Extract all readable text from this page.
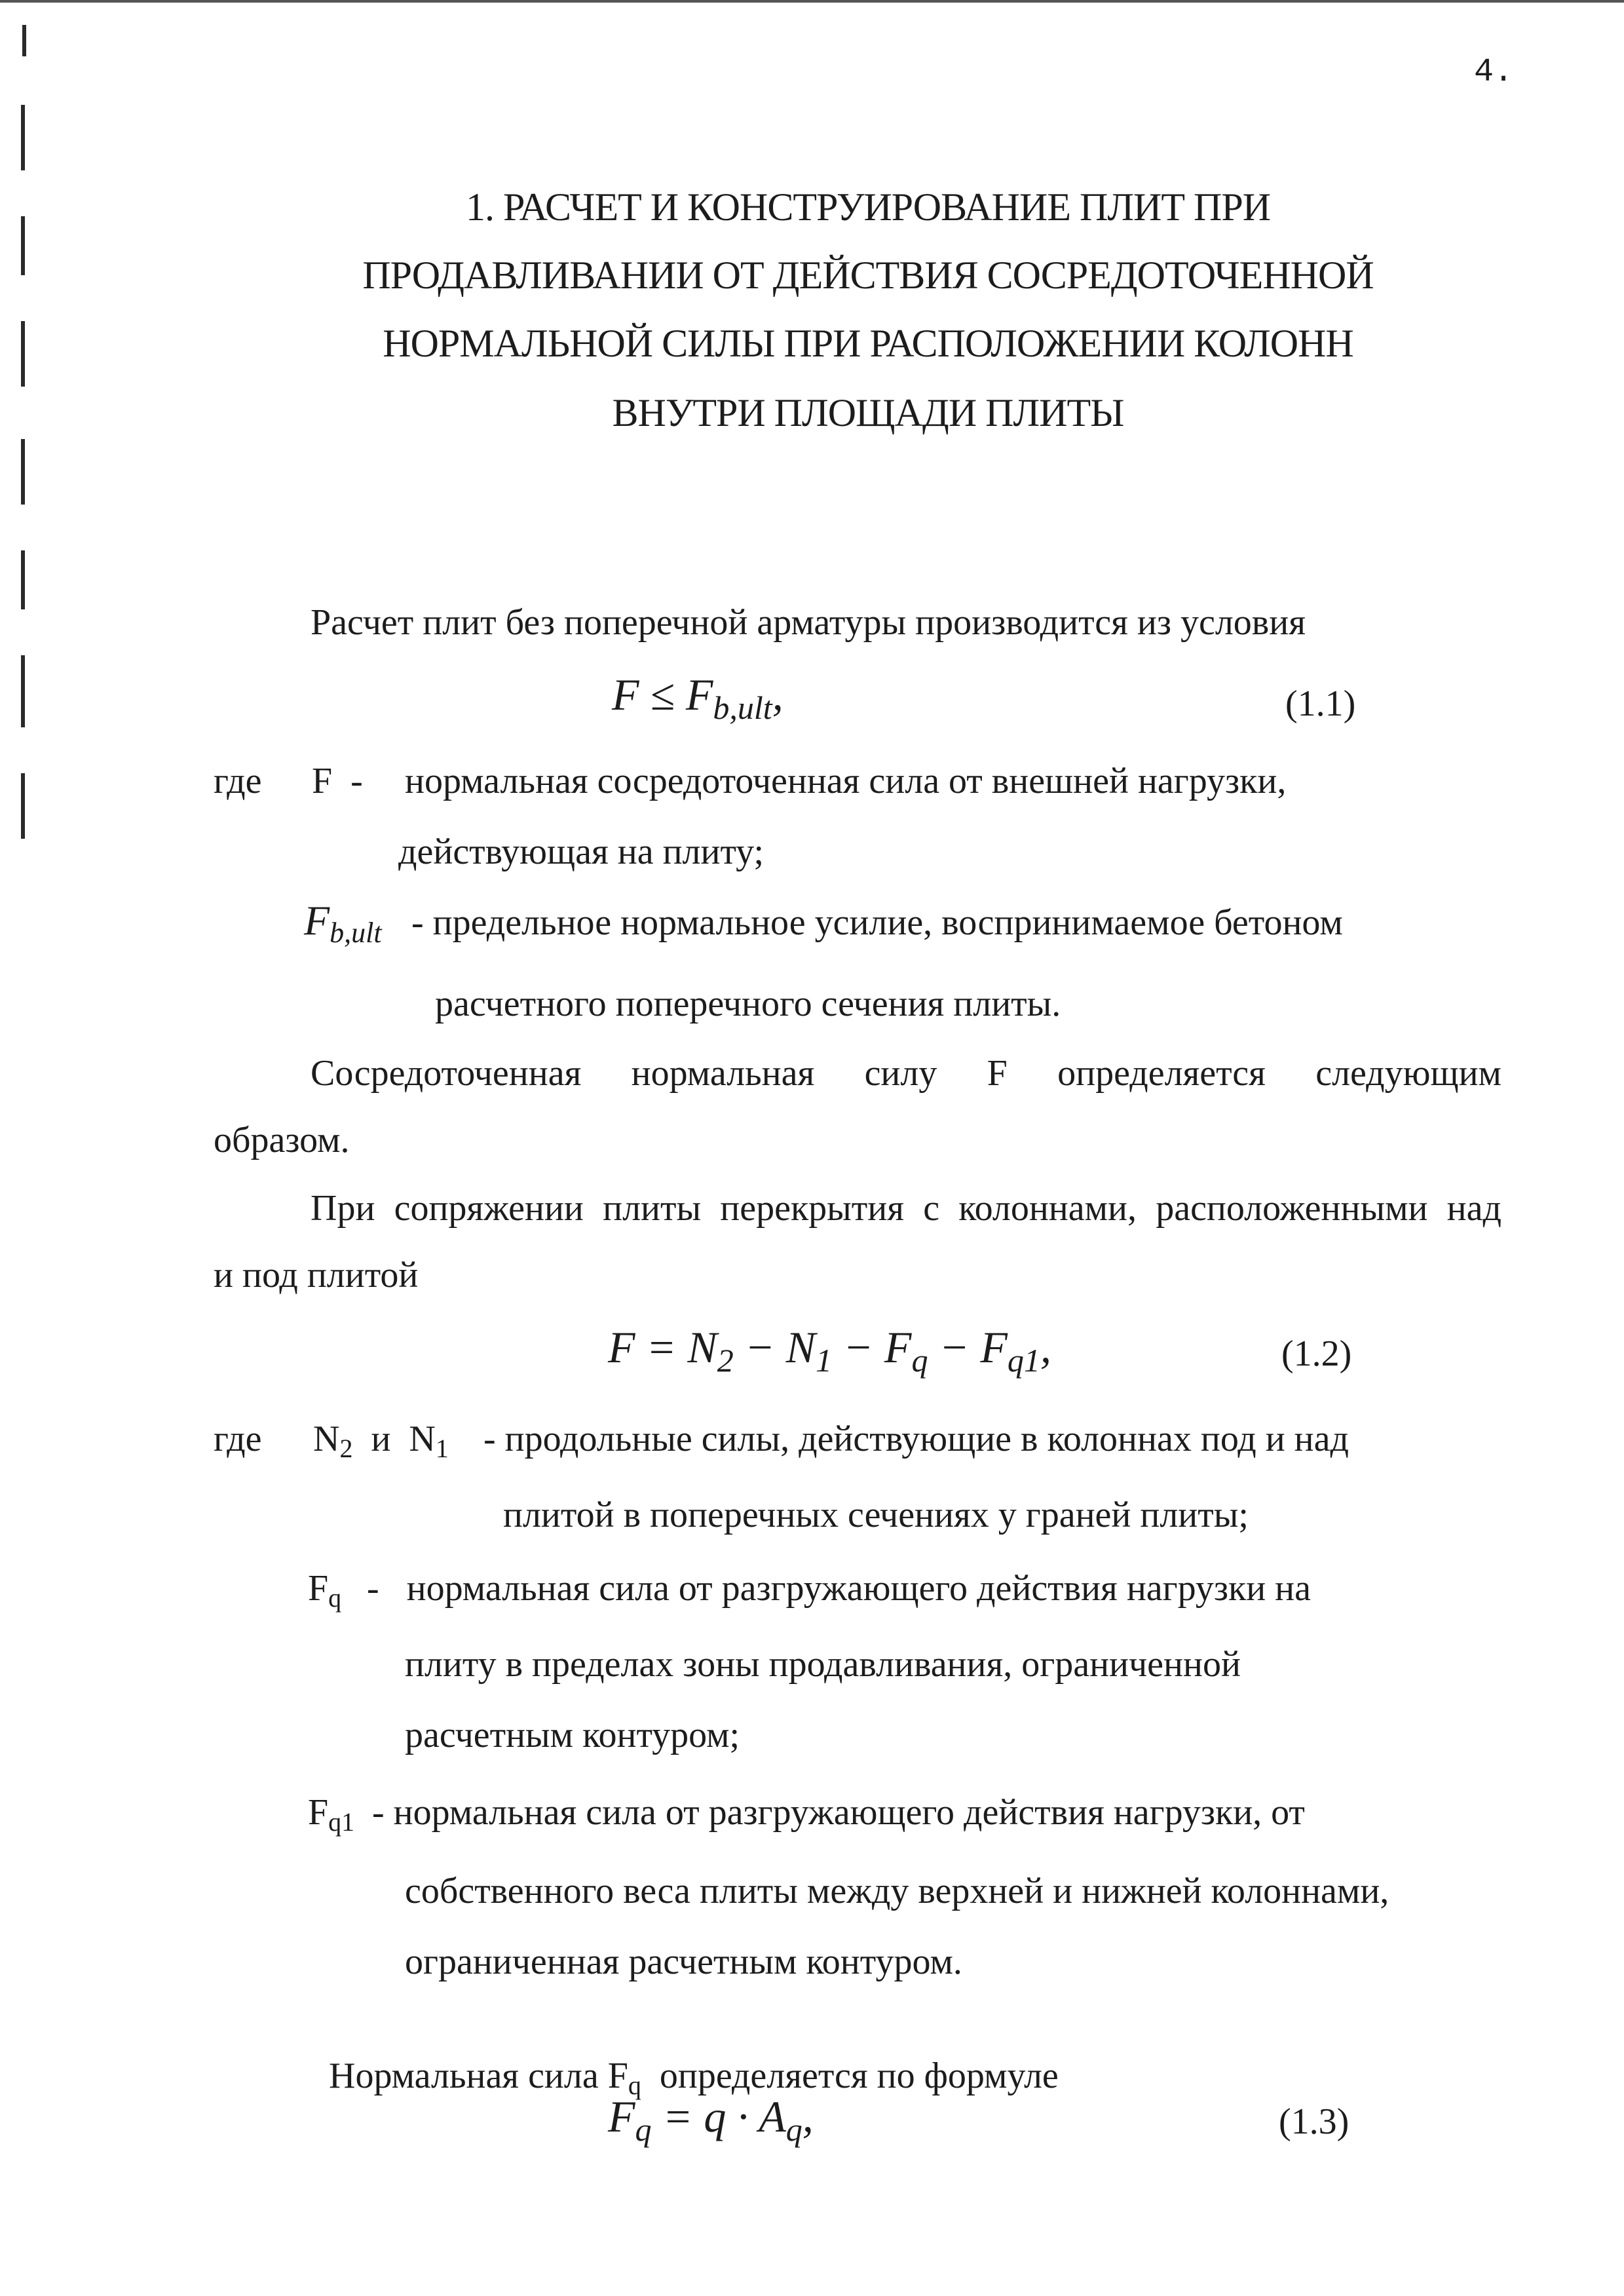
4.
1. РАСЧЕТ И КОНСТРУИРОВАНИЕ ПЛИТ ПРИ
ПРОДАВЛИВАНИИ ОТ ДЕЙСТВИЯ СОСРЕДОТОЧЕННОЙ
НОРМАЛЬНОЙ СИЛЫ ПРИ РАСПОЛОЖЕНИИ КОЛОНН
ВНУТРИ ПЛОЩАДИ ПЛИТЫ
Расчет плит без поперечной арматуры производится из условия
$F \le F_{b,ult}$,	(1.1)
где F  - нормальная сосредоточенная сила от внешней нагрузки,
действующая на плиту;
$F_{b,ult}$ - предельное нормальное усилие, воспринимаемое бетоном
расчетного поперечного сечения плиты.
Сосредоточенная нормальная силу F определяется следующим
образом.
При сопряжении плиты перекрытия с колоннами, расположенными над
и под плитой
$F = N_2 - N_1 - F_q - F_{q1}$,	(1.2)
где $N_2$ и $N_1$ - продольные силы, действующие в колоннах под и над
плитой в поперечных сечениях у граней плиты;
$F_q$ -   нормальная сила от разгружающего действия нагрузки на
плиту в пределах зоны продавливания, ограниченной
расчетным контуром;
$F_{q1}$ - нормальная сила от разгружающего действия нагрузки, от
собственного веса плиты между верхней и нижней колоннами,
ограниченная расчетным контуром.

Нормальная сила $F_q$  определяется по формуле

$F_q = q \cdot A_q$,	(1.3)
